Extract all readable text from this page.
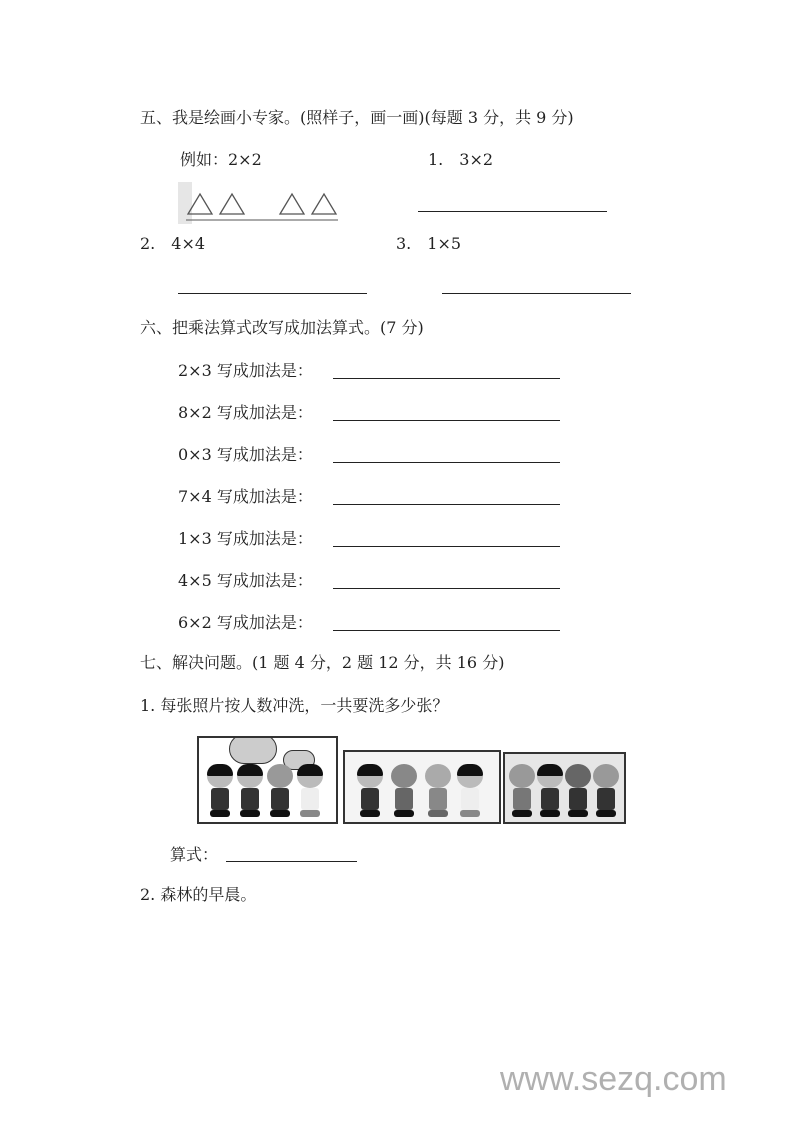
五、我是绘画小专家。(照样子，画一画)(每题 3 分，共 9 分)
例如：2×2	1.　3×2
2.　4×4	3.　1×5
六、把乘法算式改写成加法算式。(7 分)
2×3 写成加法是：
8×2 写成加法是：
0×3 写成加法是：
7×4 写成加法是：
1×3 写成加法是：
4×5 写成加法是：
6×2 写成加法是：
七、解决问题。(1 题 4 分，2 题 12 分，共 16 分)
1. 每张照片按人数冲洗，一共要洗多少张？
算式：
2. 森林的早晨。
www.sezq.com
